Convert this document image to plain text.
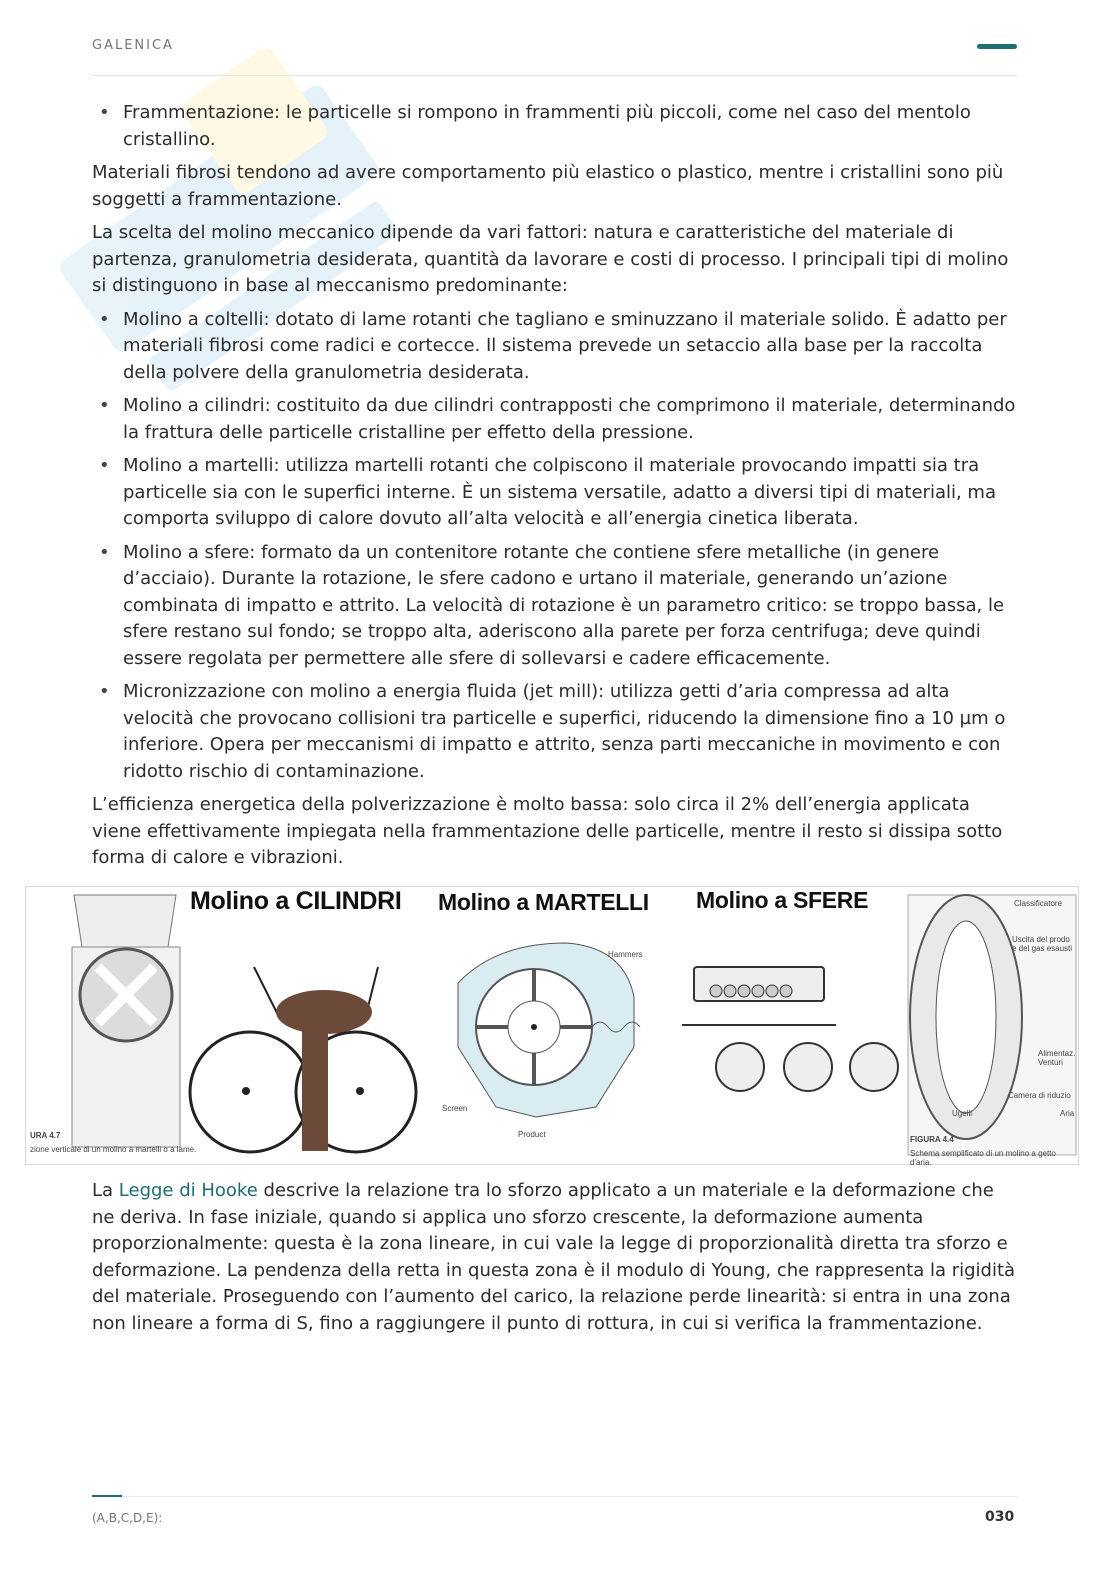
GALENICA
• Frammentazione: le particelle si rompono in frammenti più piccoli, come nel caso del mentolo cristallino.
Materiali fibrosi tendono ad avere comportamento più elastico o plastico, mentre i cristallini sono più soggetti a frammentazione.
La scelta del molino meccanico dipende da vari fattori: natura e caratteristiche del materiale di partenza, granulometria desiderata, quantità da lavorare e costi di processo. I principali tipi di molino si distinguono in base al meccanismo predominante:
• Molino a coltelli: dotato di lame rotanti che tagliano e sminuzzano il materiale solido. È adatto per materiali fibrosi come radici e cortecce. Il sistema prevede un setaccio alla base per la raccolta della polvere della granulometria desiderata.
• Molino a cilindri: costituito da due cilindri contrapposti che comprimono il materiale, determinando la frattura delle particelle cristalline per effetto della pressione.
• Molino a martelli: utilizza martelli rotanti che colpiscono il materiale provocando impatti sia tra particelle sia con le superfici interne. È un sistema versatile, adatto a diversi tipi di materiali, ma comporta sviluppo di calore dovuto all’alta velocità e all’energia cinetica liberata.
• Molino a sfere: formato da un contenitore rotante che contiene sfere metalliche (in genere d’acciaio). Durante la rotazione, le sfere cadono e urtano il materiale, generando un’azione combinata di impatto e attrito. La velocità di rotazione è un parametro critico: se troppo bassa, le sfere restano sul fondo; se troppo alta, aderiscono alla parete per forza centrifuga; deve quindi essere regolata per permettere alle sfere di sollevarsi e cadere efficacemente.
• Micronizzazione con molino a energia fluida (jet mill): utilizza getti d’aria compressa ad alta velocità che provocano collisioni tra particelle e superfici, riducendo la dimensione fino a 10 µm o inferiore. Opera per meccanismi di impatto e attrito, senza parti meccaniche in movimento e con ridotto rischio di contaminazione.
L’efficienza energetica della polverizzazione è molto bassa: solo circa il 2% dell’energia applicata viene effettivamente impiegata nella frammentazione delle particelle, mentre il resto si dissipa sotto forma di calore e vibrazioni.
Molino a CILINDRI Molino a MARTELLI Molino a SFERE
Hammers
Screen
Product
URA 4.7
zione verticale di un molino a martelli o a lame.
Classificatore
Uscita del prodo e del gas esausti
Alimentaz. Venturi
Camera di riduzio
Ugelli	Aria
FIGURA 4.4
Schema semplificato di un molino a getto d'aria.
La Legge di Hooke descrive la relazione tra lo sforzo applicato a un materiale e la deformazione che ne deriva. In fase iniziale, quando si applica uno sforzo crescente, la deformazione aumenta proporzionalmente: questa è la zona lineare, in cui vale la legge di proporzionalità diretta tra sforzo e deformazione. La pendenza della retta in questa zona è il modulo di Young, che rappresenta la rigidità del materiale. Proseguendo con l’aumento del carico, la relazione perde linearità: si entra in una zona non lineare a forma di S, fino a raggiungere il punto di rottura, in cui si verifica la frammentazione.
(A,B,C,D,E):	030
